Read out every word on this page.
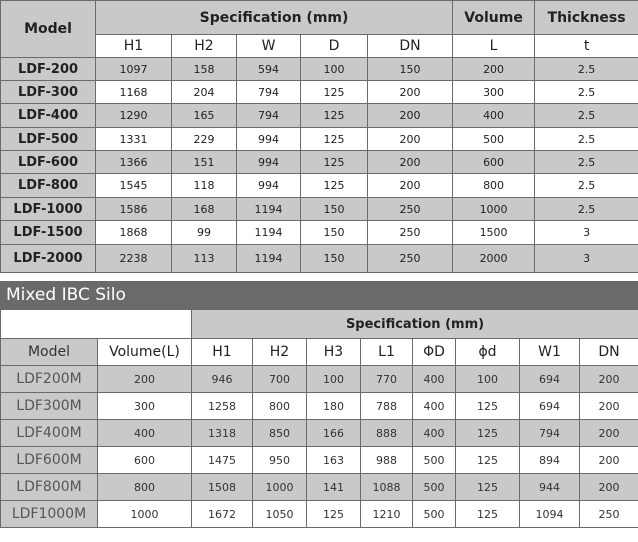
Model	Specification (mm)					Volume	Thickness
	H1	H2	W	D	DN	L	t
LDF-200	1097	158	594	100	150	200	2.5
LDF-300	1168	204	794	125	200	300	2.5
LDF-400	1290	165	794	125	200	400	2.5
LDF-500	1331	229	994	125	200	500	2.5
LDF-600	1366	151	994	125	200	600	2.5
LDF-800	1545	118	994	125	200	800	2.5
LDF-1000	1586	168	1194	150	250	1000	2.5
LDF-1500	1868	99	1194	150	250	1500	3
LDF-2000	2238	113	1194	150	250	2000	3
Mixed IBC Silo
		Specification (mm)							
Model	Volume(L)	H1	H2	H3	L1	ΦD	ϕd	W1	DN
LDF200M	200	946	700	100	770	400	100	694	200
LDF300M	300	1258	800	180	788	400	125	694	200
LDF400M	400	1318	850	166	888	400	125	794	200
LDF600M	600	1475	950	163	988	500	125	894	200
LDF800M	800	1508	1000	141	1088	500	125	944	200
LDF1000M	1000	1672	1050	125	1210	500	125	1094	250
